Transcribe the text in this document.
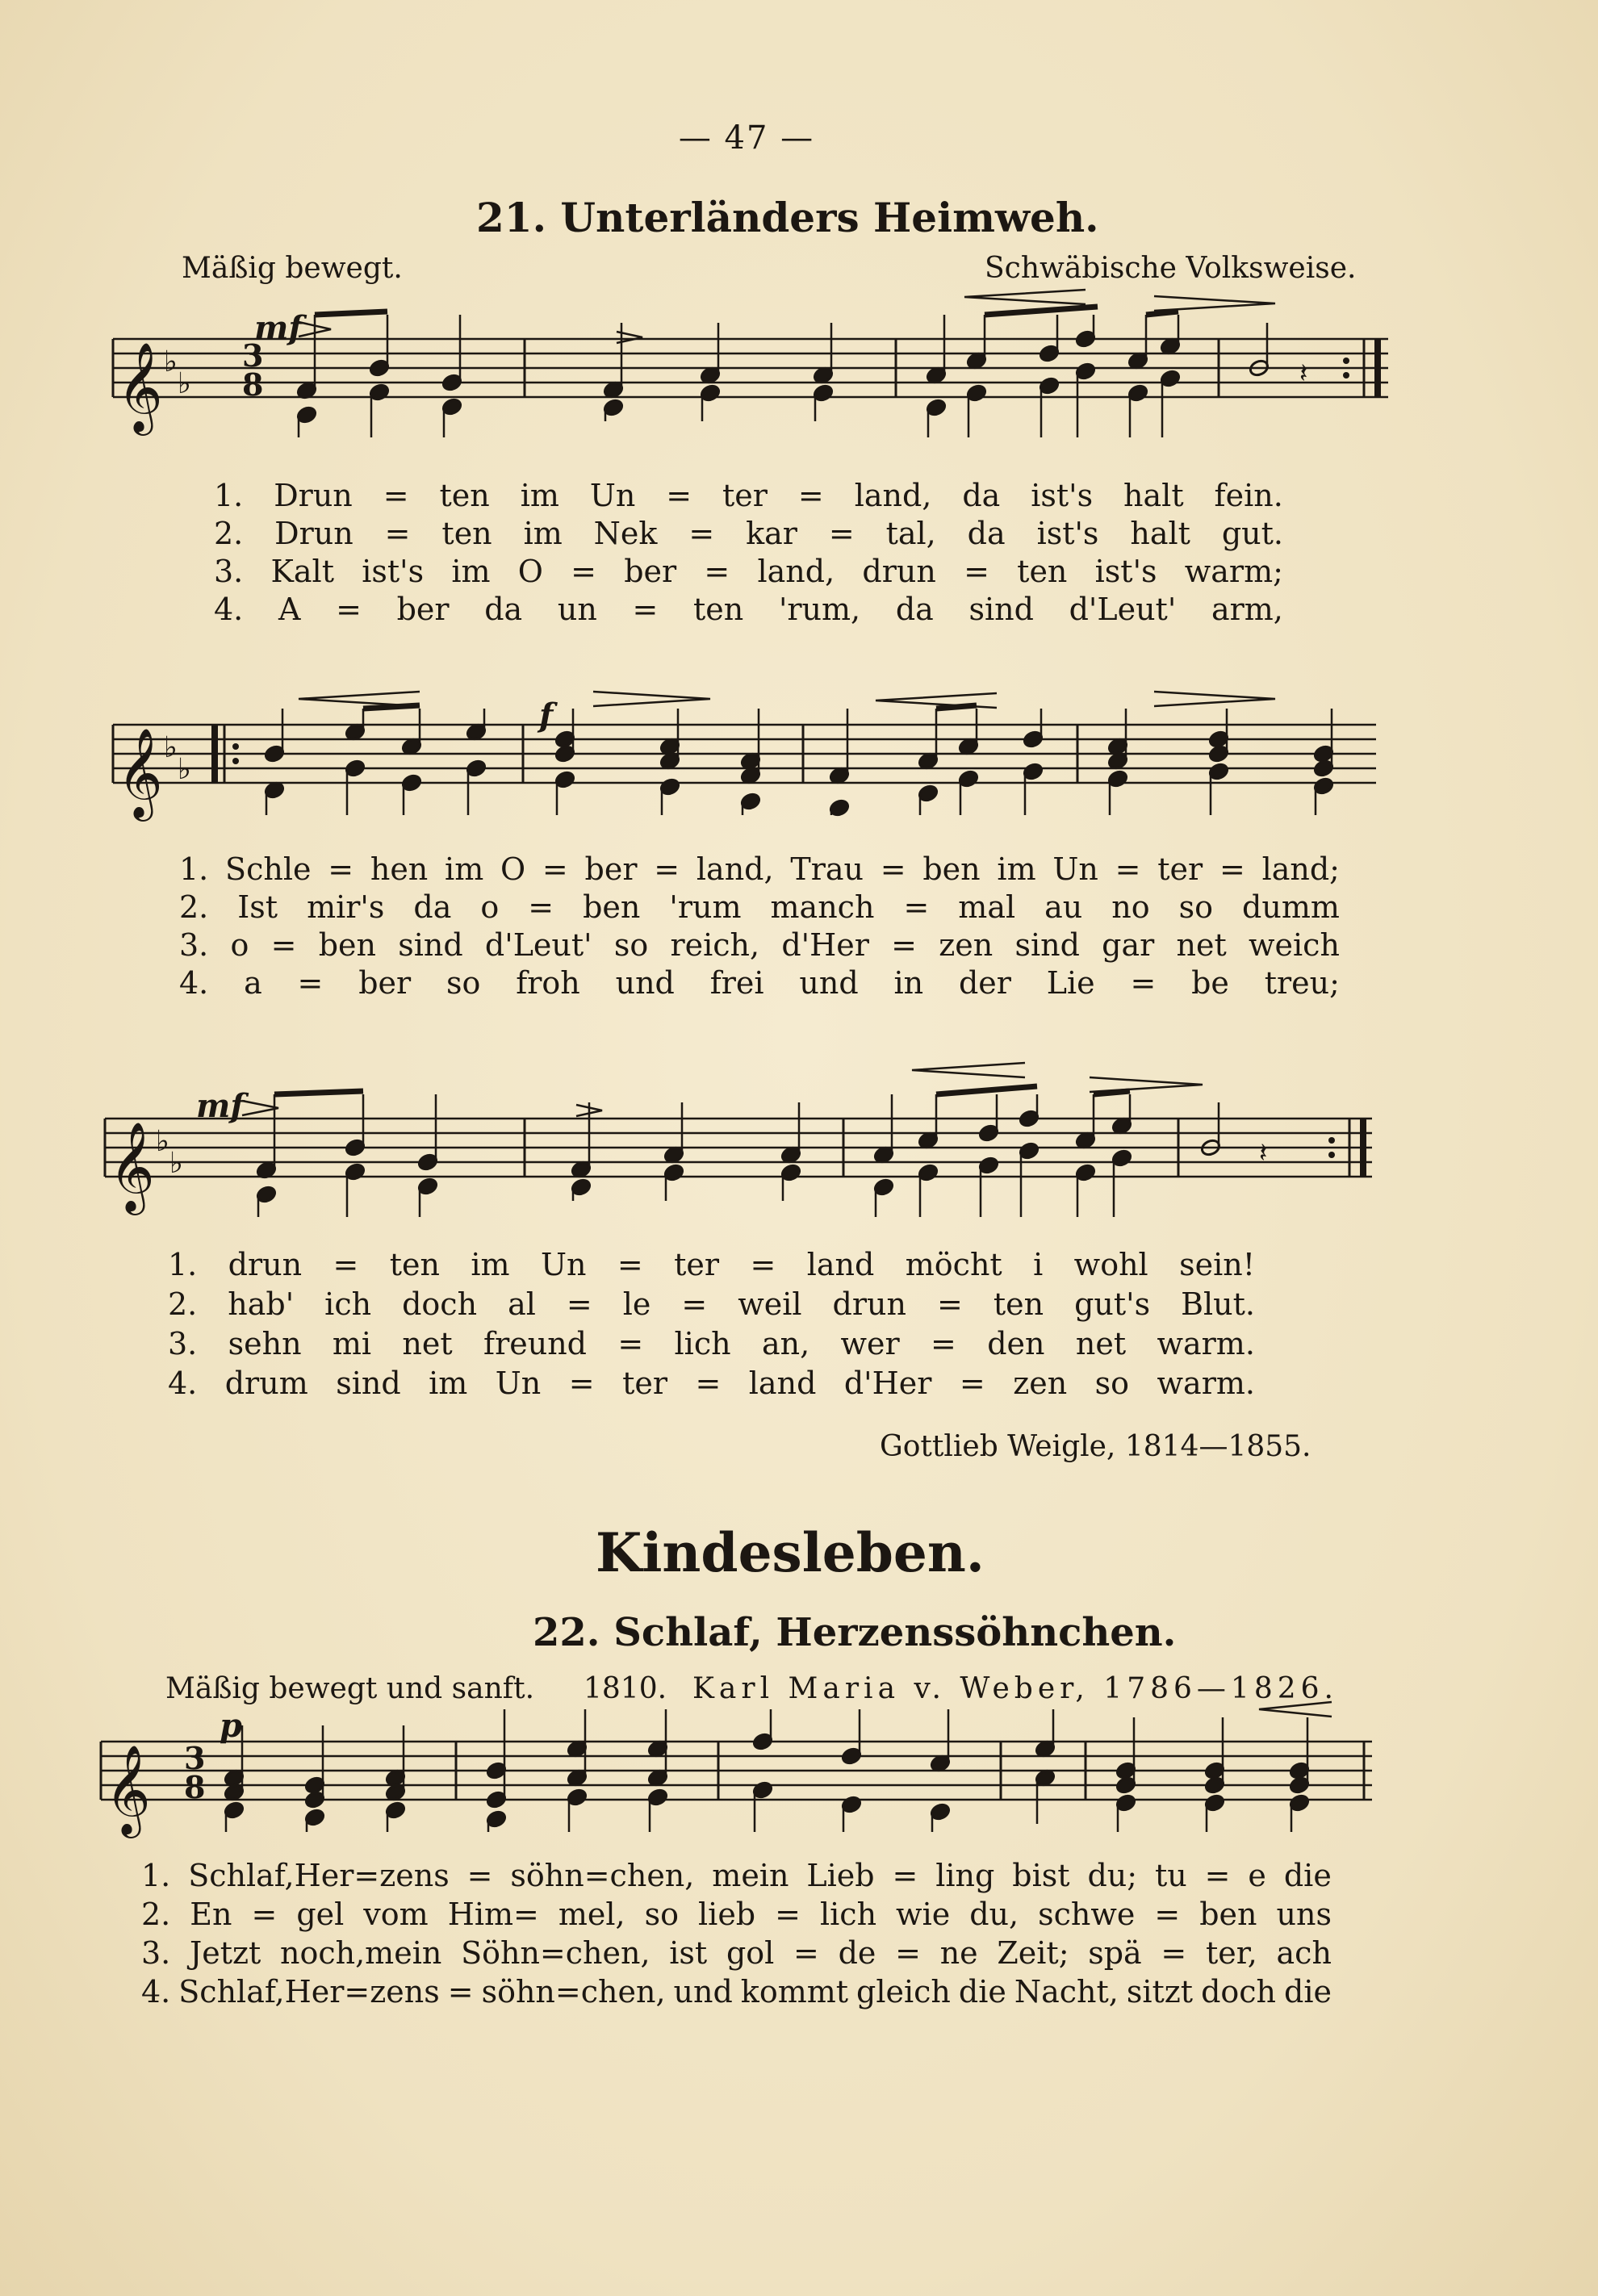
— 47 —
21. Unterländers Heimweh.
Mäßig bewegt.	Schwäbische Volksweise.
Gottlieb Weigle, 1814—1855.
Kindesleben.
22. Schlaf, Herzenssöhnchen.
Mäßig bewegt und sanft. 1810. Karl Maria v. Weber, 1786—1826.
𝄞 ♭
♭
3
8
mf
𝄽
𝄞 ♭
♭
f
𝄞 ♭
♭
mf
𝄽
𝄞 3
8
p
1. Drun = ten im Un = ter = land, da ist's halt fein.
2. Drun = ten im Nek = kar = tal, da ist's halt gut.
3. Kalt ist's im O = ber = land, drun = ten ist's warm;
4. A = ber da un = ten 'rum, da sind d'Leut' arm,
1. Schle = hen im O = ber = land, Trau = ben im Un = ter = land;
2. Ist mir's da o = ben 'rum manch = mal au no so dumm
3. o = ben sind d'Leut' so reich, d'Her = zen sind gar net weich
4. a = ber so froh und frei und in der Lie = be treu;
1. drun = ten im Un = ter = land möcht i wohl sein!
2. hab' ich doch al = le = weil drun = ten gut's Blut.
3. sehn mi net freund = lich an, wer = den net warm.
4. drum sind im Un = ter = land d'Her = zen so warm.
1. Schlaf,Her=zens = söhn=chen, mein Lieb = ling bist du; tu = e die
2. En = gel vom Him= mel, so lieb = lich wie du, schwe = ben uns
3. Jetzt noch,mein Söhn=chen, ist gol = de = ne Zeit; spä = ter, ach
4. Schlaf,Her=zens = söhn=chen, und kommt gleich die Nacht, sitzt doch die
